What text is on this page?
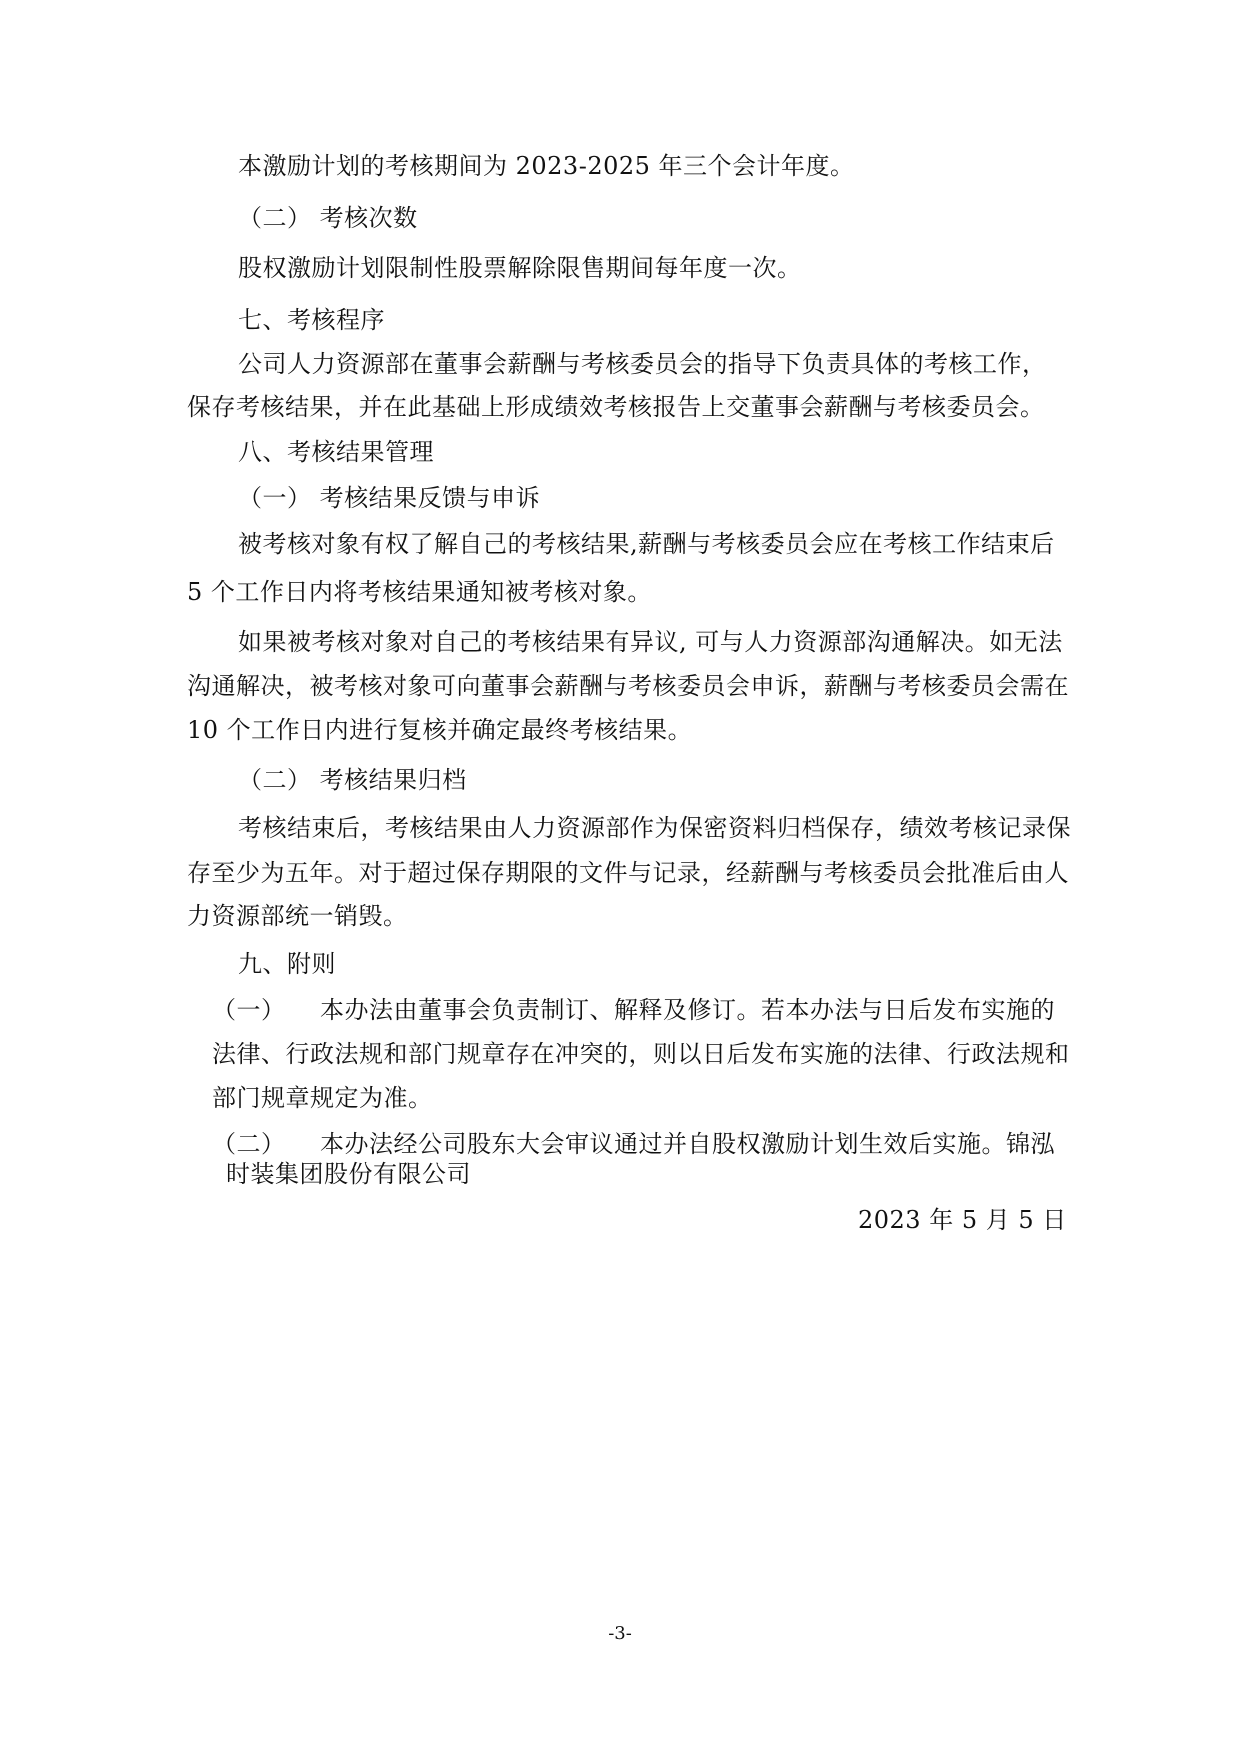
本激励计划的考核期间为 2023-2025 年三个会计年度。
（二） 考核次数
股权激励计划限制性股票解除限售期间每年度一次。
七、考核程序
公司人力资源部在董事会薪酬与考核委员会的指导下负责具体的考核工作，
保存考核结果，并在此基础上形成绩效考核报告上交董事会薪酬与考核委员会。
八、考核结果管理
（一） 考核结果反馈与申诉
被考核对象有权了解自己的考核结果,薪酬与考核委员会应在考核工作结束后
5 个工作日内将考核结果通知被考核对象。
如果被考核对象对自己的考核结果有异议, 可与人力资源部沟通解决。如无法
沟通解决，被考核对象可向董事会薪酬与考核委员会申诉，薪酬与考核委员会需在
10 个工作日内进行复核并确定最终考核结果。
（二） 考核结果归档
考核结束后，考核结果由人力资源部作为保密资料归档保存，绩效考核记录保
存至少为五年。对于超过保存期限的文件与记录，经薪酬与考核委员会批准后由人
力资源部统一销毁。
九、附则
（一） 本办法由董事会负责制订、解释及修订。若本办法与日后发布实施的
法律、行政法规和部门规章存在冲突的，则以日后发布实施的法律、行政法规和
部门规章规定为准。
（二） 本办法经公司股东大会审议通过并自股权激励计划生效后实施。锦泓
时装集团股份有限公司
2023 年 5 月 5 日
-3-
